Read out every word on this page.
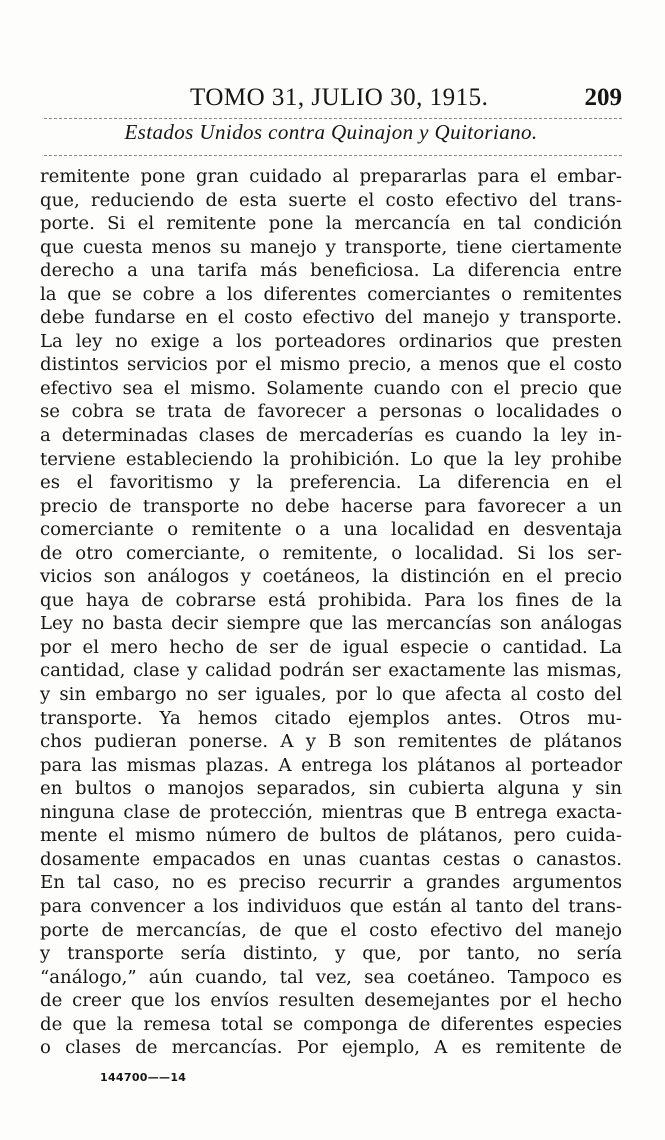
TOMO 31, JULIO 30, 1915.	209
Estados Unidos contra Quinajon y Quitoriano.
remitente pone gran cuidado al prepararlas para el embar-
que, reduciendo de esta suerte el costo efectivo del trans-
porte. Si el remitente pone la mercancía en tal condición
que cuesta menos su manejo y transporte, tiene ciertamente
derecho a una tarifa más beneficiosa. La diferencia entre
la que se cobre a los diferentes comerciantes o remitentes
debe fundarse en el costo efectivo del manejo y transporte.
La ley no exige a los porteadores ordinarios que presten
distintos servicios por el mismo precio, a menos que el costo
efectivo sea el mismo. Solamente cuando con el precio que
se cobra se trata de favorecer a personas o localidades o
a determinadas clases de mercaderías es cuando la ley in-
terviene estableciendo la prohibición. Lo que la ley prohibe
es el favoritismo y la preferencia. La diferencia en el
precio de transporte no debe hacerse para favorecer a un
comerciante o remitente o a una localidad en desventaja
de otro comerciante, o remitente, o localidad. Si los ser-
vicios son análogos y coetáneos, la distinción en el precio
que haya de cobrarse está prohibida. Para los fines de la
Ley no basta decir siempre que las mercancías son análogas
por el mero hecho de ser de igual especie o cantidad. La
cantidad, clase y calidad podrán ser exactamente las mismas,
y sin embargo no ser iguales, por lo que afecta al costo del
transporte. Ya hemos citado ejemplos antes. Otros mu-
chos pudieran ponerse. A y B son remitentes de plátanos
para las mismas plazas. A entrega los plátanos al porteador
en bultos o manojos separados, sin cubierta alguna y sin
ninguna clase de protección, mientras que B entrega exacta-
mente el mismo número de bultos de plátanos, pero cuida-
dosamente empacados en unas cuantas cestas o canastos.
En tal caso, no es preciso recurrir a grandes argumentos
para convencer a los individuos que están al tanto del trans-
porte de mercancías, de que el costo efectivo del manejo
y transporte sería distinto, y que, por tanto, no sería
“análogo,” aún cuando, tal vez, sea coetáneo. Tampoco es
de creer que los envíos resulten desemejantes por el hecho
de que la remesa total se componga de diferentes especies
o clases de mercancías. Por ejemplo, A es remitente de
144700——14
